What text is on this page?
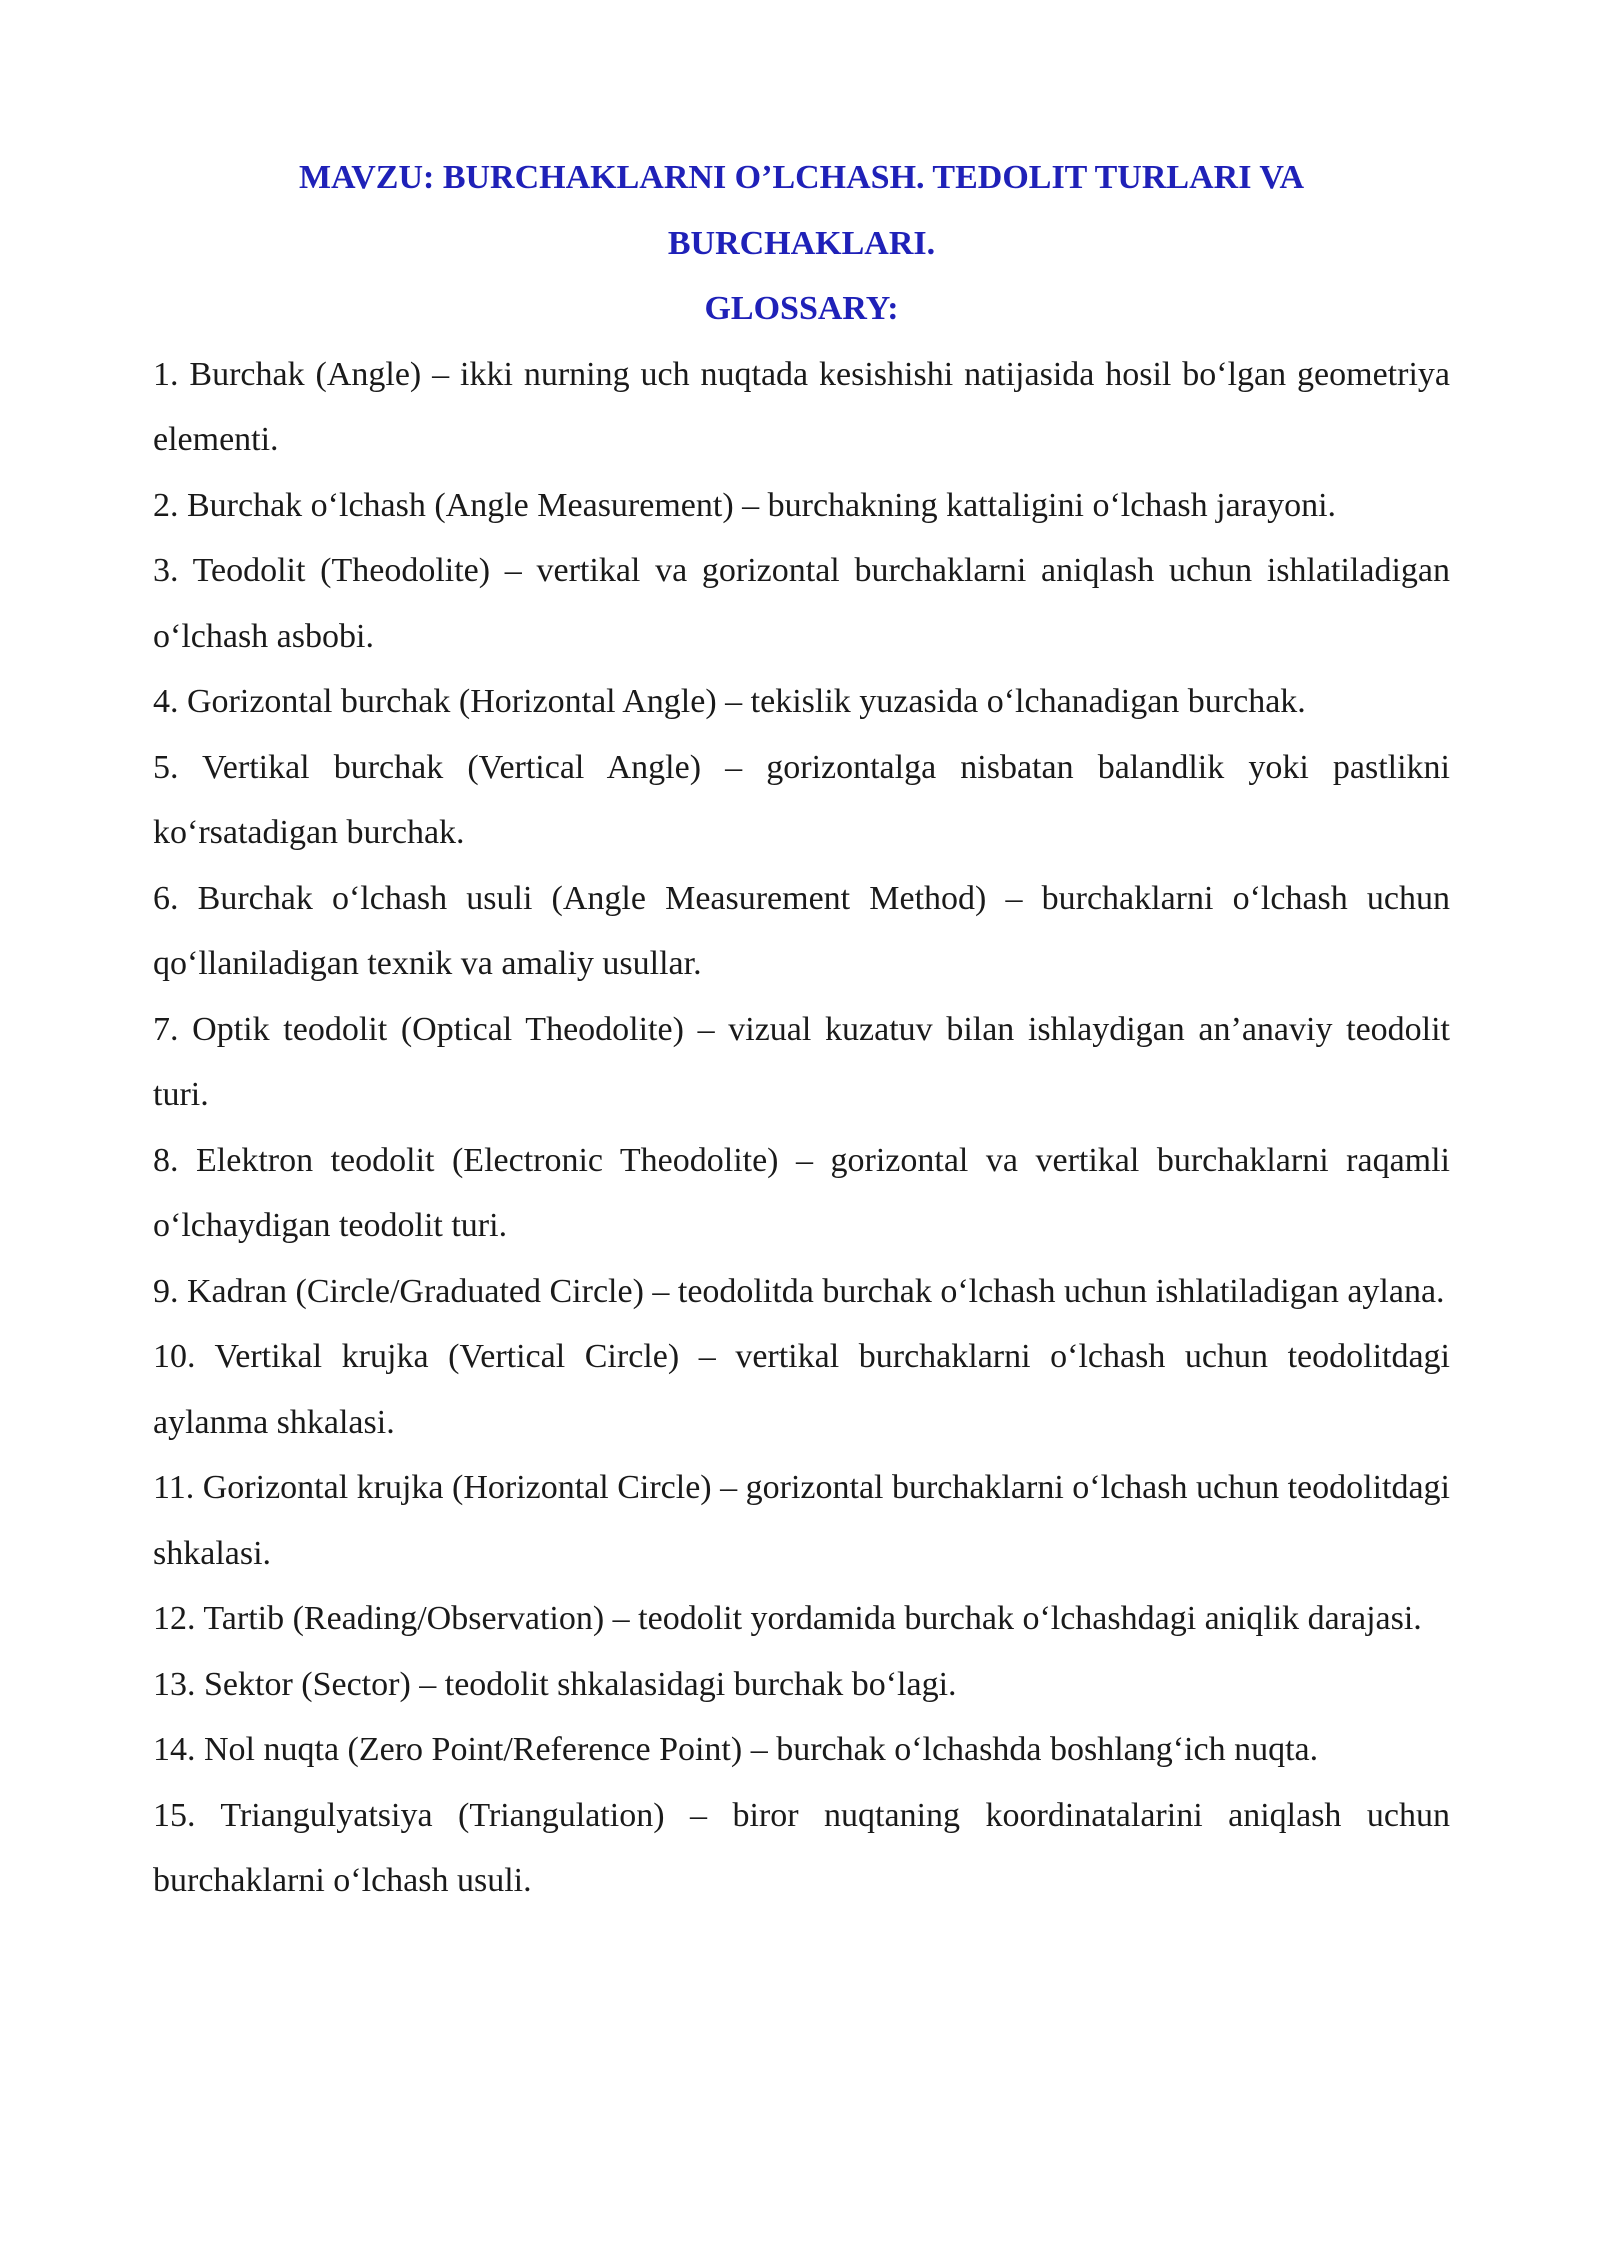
MAVZU: BURCHAKLARNI O’LCHASH. TEDOLIT TURLARI VA
BURCHAKLARI.
GLOSSARY:
1. Burchak (Angle) – ikki nurning uch nuqtada kesishishi natijasida hosil bo‘lgan geometriya elementi.
2. Burchak o‘lchash (Angle Measurement) – burchakning kattaligini o‘lchash jarayoni.
3. Teodolit (Theodolite) – vertikal va gorizontal burchaklarni aniqlash uchun ishlatiladigan o‘lchash asbobi.
4. Gorizontal burchak (Horizontal Angle) – tekislik yuzasida o‘lchanadigan burchak.
5. Vertikal burchak (Vertical Angle) – gorizontalga nisbatan balandlik yoki pastlikni ko‘rsatadigan burchak.
6. Burchak o‘lchash usuli (Angle Measurement Method) – burchaklarni o‘lchash uchun qo‘llaniladigan texnik va amaliy usullar.
7. Optik teodolit (Optical Theodolite) – vizual kuzatuv bilan ishlaydigan an’anaviy teodolit turi.
8. Elektron teodolit (Electronic Theodolite) – gorizontal va vertikal burchaklarni raqamli o‘lchaydigan teodolit turi.
9. Kadran (Circle/Graduated Circle) – teodolitda burchak o‘lchash uchun ishlatiladigan aylana.
10. Vertikal krujka (Vertical Circle) – vertikal burchaklarni o‘lchash uchun teodolitdagi aylanma shkalasi.
11. Gorizontal krujka (Horizontal Circle) – gorizontal burchaklarni o‘lchash uchun teodolitdagi shkalasi.
12. Tartib (Reading/Observation) – teodolit yordamida burchak o‘lchashdagi aniqlik darajasi.
13. Sektor (Sector) – teodolit shkalasidagi burchak bo‘lagi.
14. Nol nuqta (Zero Point/Reference Point) – burchak o‘lchashda boshlang‘ich nuqta.
15. Triangulyatsiya (Triangulation) – biror nuqtaning koordinatalarini aniqlash uchun burchaklarni o‘lchash usuli.
